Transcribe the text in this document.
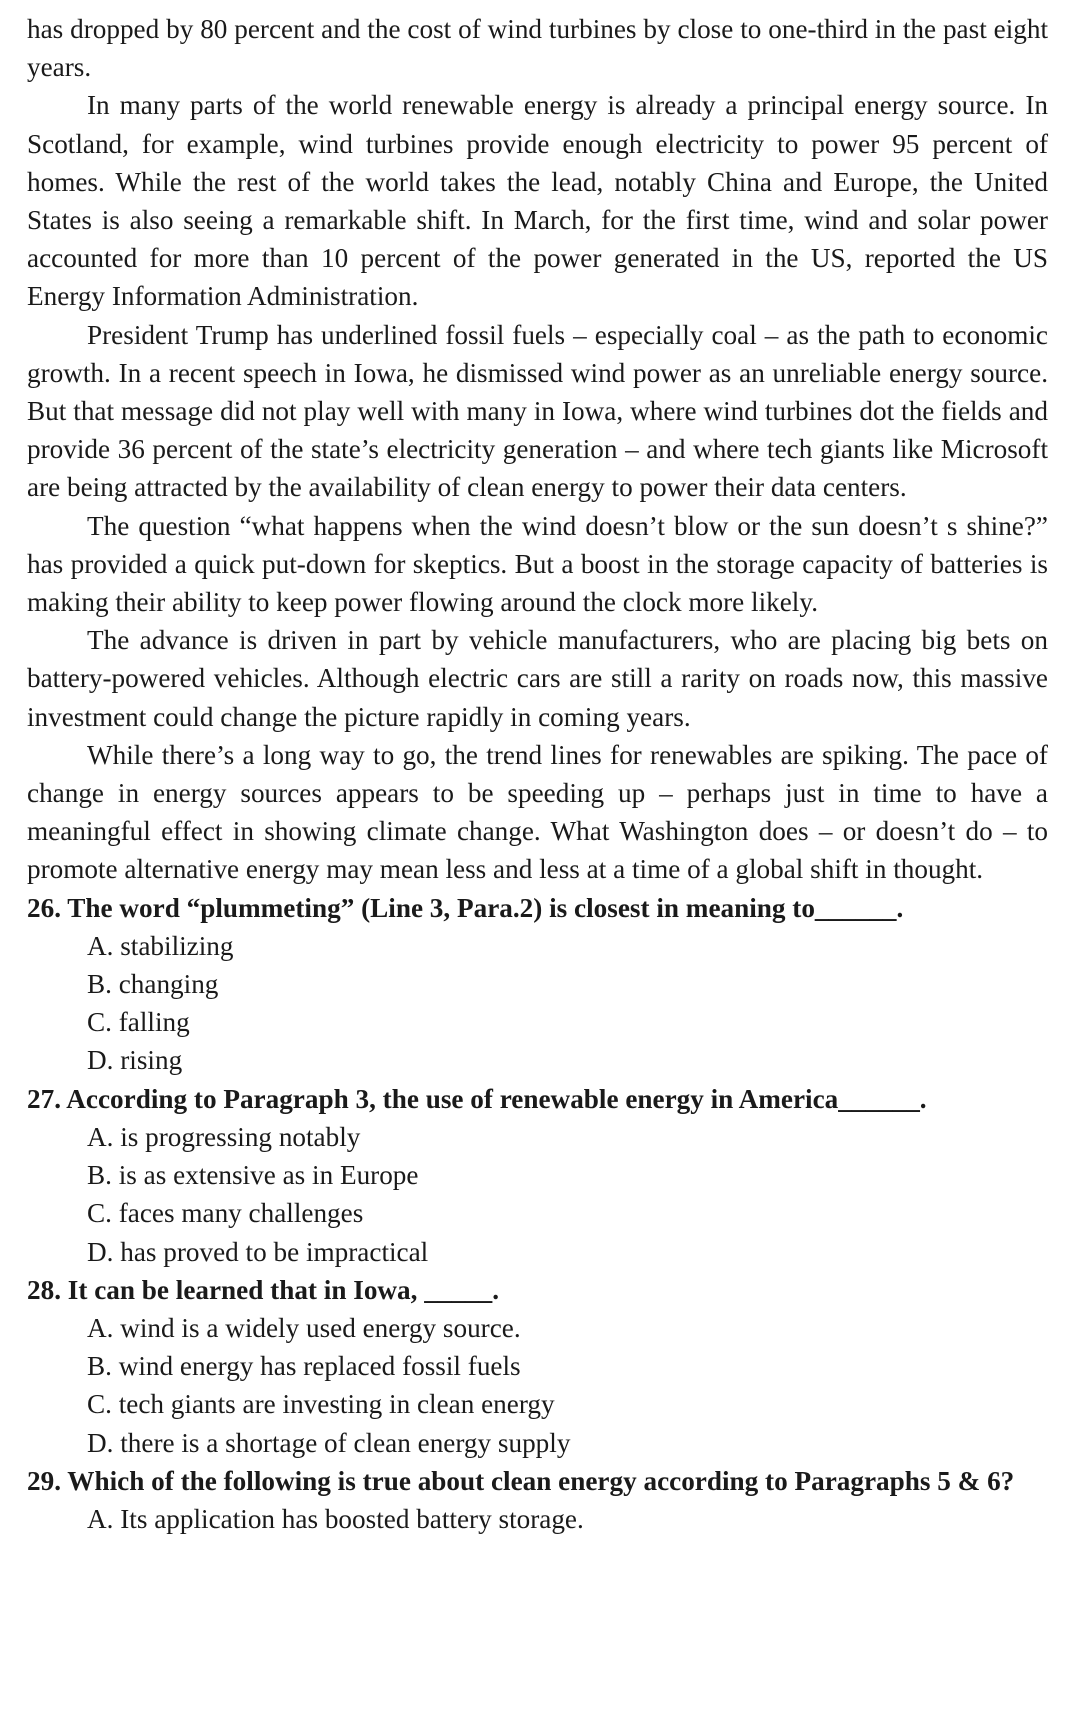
has dropped by 80 percent and the cost of wind turbines by close to one-third in the past eight years.

In many parts of the world renewable energy is already a principal energy source. In Scotland, for example, wind turbines provide enough electricity to power 95 percent of homes. While the rest of the world takes the lead, notably China and Europe, the United States is also seeing a remarkable shift. In March, for the first time, wind and solar power accounted for more than 10 percent of the power generated in the US, reported the US Energy Information Administration.

President Trump has underlined fossil fuels – especially coal – as the path to economic growth. In a recent speech in Iowa, he dismissed wind power as an unreliable energy source. But that message did not play well with many in Iowa, where wind turbines dot the fields and provide 36 percent of the state’s electricity generation – and where tech giants like Microsoft are being attracted by the availability of clean energy to power their data centers.

The question “what happens when the wind doesn’t blow or the sun doesn’t s shine?” has provided a quick put-down for skeptics. But a boost in the storage capacity of batteries is making their ability to keep power flowing around the clock more likely.

The advance is driven in part by vehicle manufacturers, who are placing big bets on battery-powered vehicles. Although electric cars are still a rarity on roads now, this massive investment could change the picture rapidly in coming years.

While there’s a long way to go, the trend lines for renewables are spiking. The pace of change in energy sources appears to be speeding up – perhaps just in time to have a meaningful effect in showing climate change. What Washington does – or doesn’t do – to promote alternative energy may mean less and less at a time of a global shift in thought.

26. The word “plummeting” (Line 3, Para.2) is closest in meaning to______.

A. stabilizing
B. changing
C. falling
D. rising

27. According to Paragraph 3, the use of renewable energy in America______.

A. is progressing notably
B. is as extensive as in Europe
C. faces many challenges
D. has proved to be impractical

28. It can be learned that in Iowa, _____.

A. wind is a widely used energy source.
B. wind energy has replaced fossil fuels
C. tech giants are investing in clean energy
D. there is a shortage of clean energy supply

29. Which of the following is true about clean energy according to Paragraphs 5 & 6?

A. Its application has boosted battery storage.
